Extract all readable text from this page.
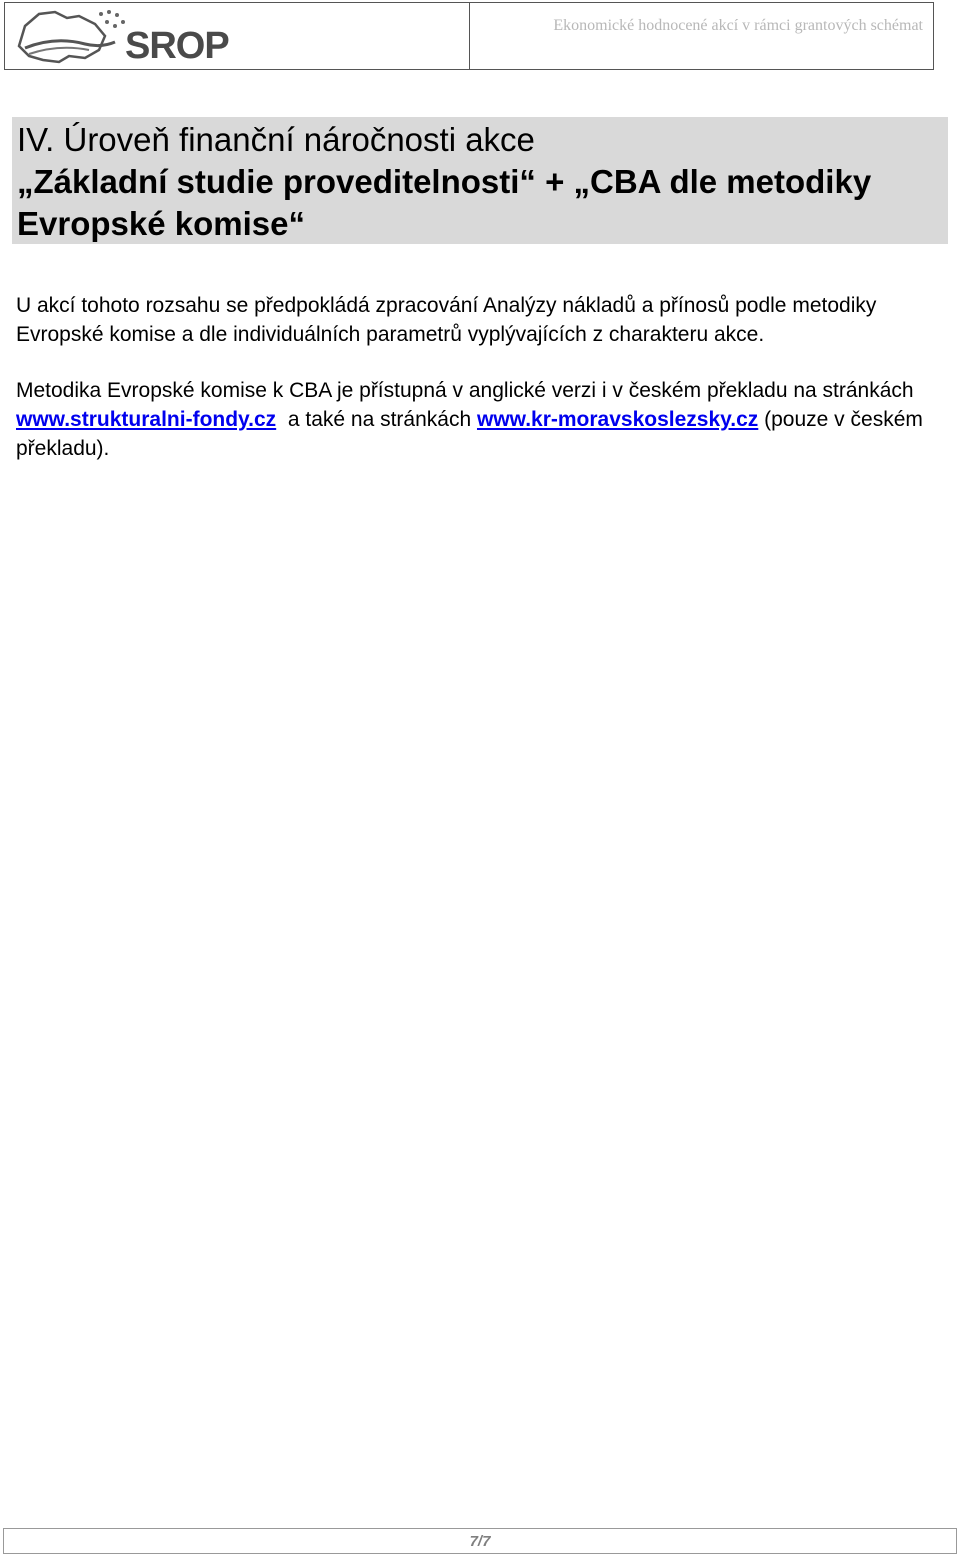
SROP	Ekonomické hodnocené akcí v rámci grantových schémat
IV. Úroveň finanční náročnosti akce
„Základní studie proveditelnosti“ + „CBA dle metodiky Evropské komise“

U akcí tohoto rozsahu se předpokládá zpracování Analýzy nákladů a přínosů podle metodiky Evropské komise a dle individuálních parametrů vyplývajících z charakteru akce.

Metodika Evropské komise k CBA je přístupná v anglické verzi i v českém překladu na stránkách www.strukturalni-fondy.cz  a také na stránkách www.kr-moravskoslezsky.cz (pouze v českém překladu).

7/7
